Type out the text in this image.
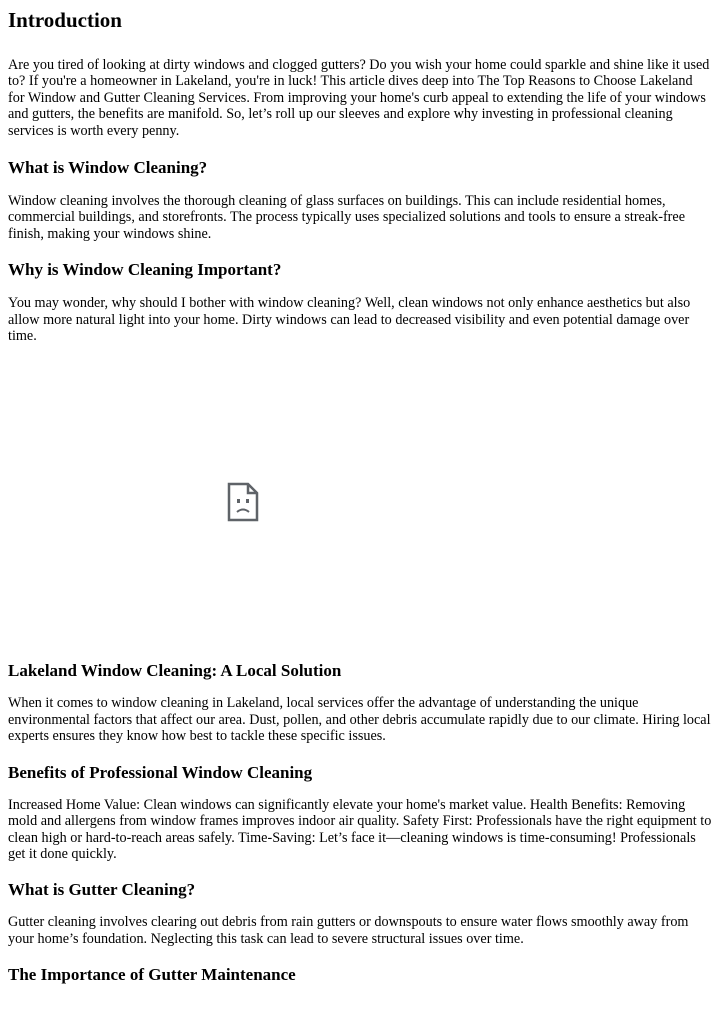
Introduction

Are you tired of looking at dirty windows and clogged gutters? Do you wish your home could sparkle and shine like it used to? If you're a homeowner in Lakeland, you're in luck! This article dives deep into The Top Reasons to Choose Lakeland for Window and Gutter Cleaning Services. From improving your home's curb appeal to extending the life of your windows and gutters, the benefits are manifold. So, let’s roll up our sleeves and explore why investing in professional cleaning services is worth every penny.

What is Window Cleaning?

Window cleaning involves the thorough cleaning of glass surfaces on buildings. This can include residential homes, commercial buildings, and storefronts. The process typically uses specialized solutions and tools to ensure a streak-free finish, making your windows shine.

Why is Window Cleaning Important?

You may wonder, why should I bother with window cleaning? Well, clean windows not only enhance aesthetics but also allow more natural light into your home. Dirty windows can lead to decreased visibility and even potential damage over time.

Lakeland Window Cleaning: A Local Solution

When it comes to window cleaning in Lakeland, local services offer the advantage of understanding the unique environmental factors that affect our area. Dust, pollen, and other debris accumulate rapidly due to our climate. Hiring local experts ensures they know how best to tackle these specific issues.

Benefits of Professional Window Cleaning

Increased Home Value: Clean windows can significantly elevate your home's market value. Health Benefits: Removing mold and allergens from window frames improves indoor air quality. Safety First: Professionals have the right equipment to clean high or hard-to-reach areas safely. Time-Saving: Let’s face it—cleaning windows is time-consuming! Professionals get it done quickly.

What is Gutter Cleaning?

Gutter cleaning involves clearing out debris from rain gutters or downspouts to ensure water flows smoothly away from your home’s foundation. Neglecting this task can lead to severe structural issues over time.

The Importance of Gutter Maintenance
